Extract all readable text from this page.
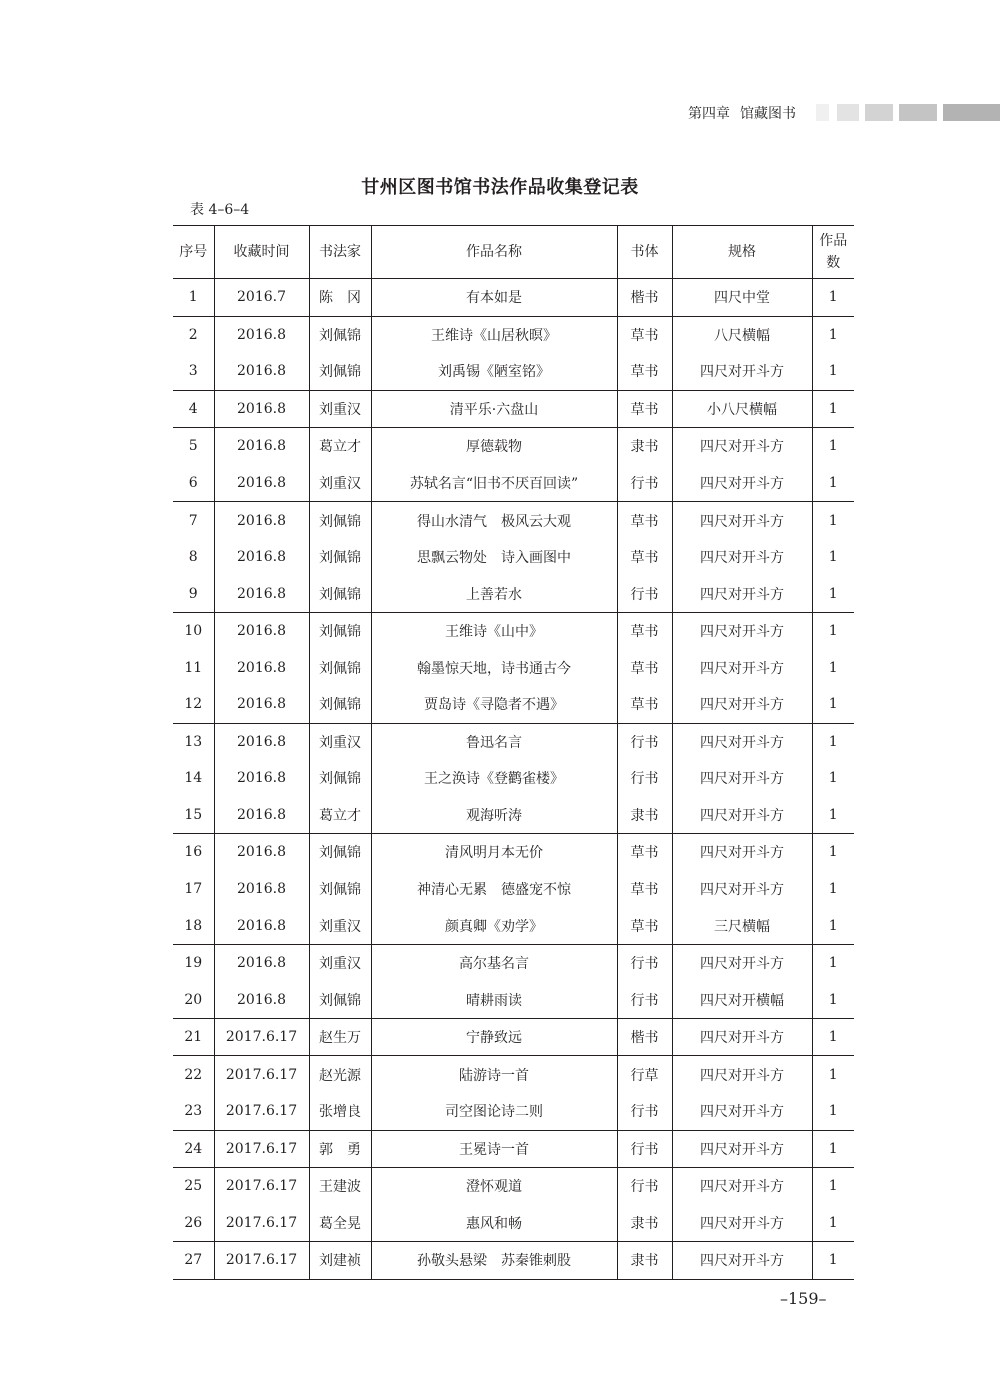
第四章 馆藏图书
甘州区图书馆书法作品收集登记表
表 4–6–4
序号	收藏时间	书法家	作品名称	书体	规格	作品
数
1	2016.7	陈　冈	有本如是	楷书	四尺中堂	1
2	2016.8	刘佩锦	王维诗《山居秋暝》	草书	八尺横幅	1
3	2016.8	刘佩锦	刘禹锡《陋室铭》	草书	四尺对开斗方	1
4	2016.8	刘重汉	清平乐·六盘山	草书	小八尺横幅	1
5	2016.8	葛立才	厚德载物	隶书	四尺对开斗方	1
6	2016.8	刘重汉	苏轼名言“旧书不厌百回读”	行书	四尺对开斗方	1
7	2016.8	刘佩锦	得山水清气　极风云大观	草书	四尺对开斗方	1
8	2016.8	刘佩锦	思飘云物处　诗入画图中	草书	四尺对开斗方	1
9	2016.8	刘佩锦	上善若水	行书	四尺对开斗方	1
10	2016.8	刘佩锦	王维诗《山中》	草书	四尺对开斗方	1
11	2016.8	刘佩锦	翰墨惊天地，诗书通古今	草书	四尺对开斗方	1
12	2016.8	刘佩锦	贾岛诗《寻隐者不遇》	草书	四尺对开斗方	1
13	2016.8	刘重汉	鲁迅名言	行书	四尺对开斗方	1
14	2016.8	刘佩锦	王之涣诗《登鹳雀楼》	行书	四尺对开斗方	1
15	2016.8	葛立才	观海听涛	隶书	四尺对开斗方	1
16	2016.8	刘佩锦	清风明月本无价	草书	四尺对开斗方	1
17	2016.8	刘佩锦	神清心无累　德盛宠不惊	草书	四尺对开斗方	1
18	2016.8	刘重汉	颜真卿《劝学》	草书	三尺横幅	1
19	2016.8	刘重汉	高尔基名言	行书	四尺对开斗方	1
20	2016.8	刘佩锦	晴耕雨读	行书	四尺对开横幅	1
21	2017.6.17	赵生万	宁静致远	楷书	四尺对开斗方	1
22	2017.6.17	赵光源	陆游诗一首	行草	四尺对开斗方	1
23	2017.6.17	张增良	司空图论诗二则	行书	四尺对开斗方	1
24	2017.6.17	郭　勇	王冕诗一首	行书	四尺对开斗方	1
25	2017.6.17	王建波	澄怀观道	行书	四尺对开斗方	1
26	2017.6.17	葛全晃	惠风和畅	隶书	四尺对开斗方	1
27	2017.6.17	刘建祯	孙敬头悬梁　苏秦锥刺股	隶书	四尺对开斗方	1
–159–
